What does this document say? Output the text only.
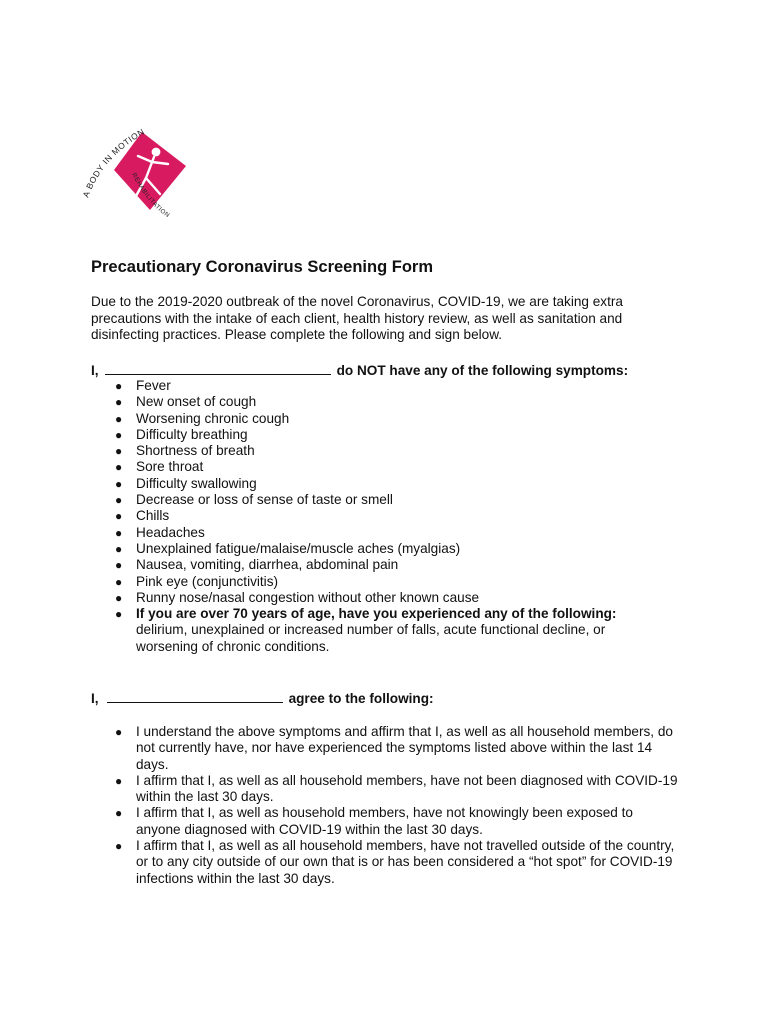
A BODY IN MOTION
REHABILITATION
Precautionary Coronavirus Screening Form

Due to the 2019-2020 outbreak of the novel Coronavirus, COVID-19, we are taking extra precautions with the intake of each client, health history review, as well as sanitation and disinfecting practices. Please complete the following and sign below.

I,	do NOT have any of the following symptoms:

● Fever
● New onset of cough
● Worsening chronic cough
● Difficulty breathing
● Shortness of breath
● Sore throat
● Difficulty swallowing
● Decrease or loss of sense of taste or smell
● Chills
● Headaches
● Unexplained fatigue/malaise/muscle aches (myalgias)
● Nausea, vomiting, diarrhea, abdominal pain
● Pink eye (conjunctivitis)
● Runny nose/nasal congestion without other known cause
● If you are over 70 years of age, have you experienced any of the following: delirium, unexplained or increased number of falls, acute functional decline, or worsening of chronic conditions.

I,	agree to the following:

● I understand the above symptoms and affirm that I, as well as all household members, do not currently have, nor have experienced the symptoms listed above within the last 14 days.
● I affirm that I, as well as all household members, have not been diagnosed with COVID-19 within the last 30 days.
● I affirm that I, as well as household members, have not knowingly been exposed to anyone diagnosed with COVID-19 within the last 30 days.
● I affirm that I, as well as all household members, have not travelled outside of the country, or to any city outside of our own that is or has been considered a “hot spot” for COVID-19 infections within the last 30 days.
